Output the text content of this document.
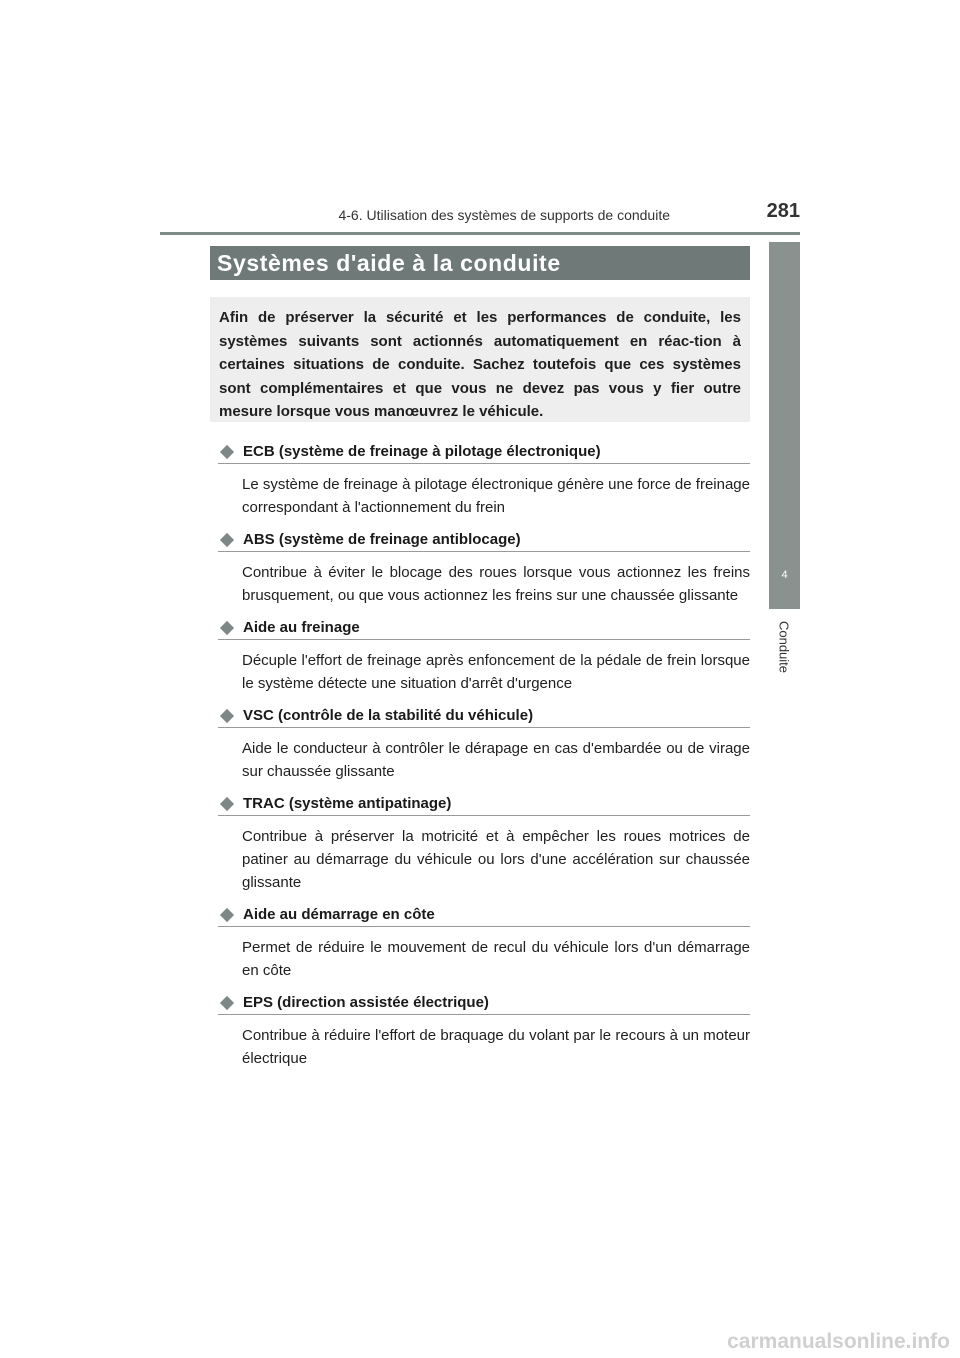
4-6. Utilisation des systèmes de supports de conduite	281
4
Conduite
Systèmes d'aide à la conduite

Afin de préserver la sécurité et les performances de conduite, les systèmes suivants sont actionnés automatiquement en réac-tion à certaines situations de conduite. Sachez toutefois que ces systèmes sont complémentaires et que vous ne devez pas vous y fier outre mesure lorsque vous manœuvrez le véhicule.

ECB (système de freinage à pilotage électronique)

Le système de freinage à pilotage électronique génère une force de freinage correspondant à l'actionnement du frein

ABS (système de freinage antiblocage)

Contribue à éviter le blocage des roues lorsque vous actionnez les freins brusquement, ou que vous actionnez les freins sur une chaussée glissante

Aide au freinage

Décuple l'effort de freinage après enfoncement de la pédale de frein lorsque le système détecte une situation d'arrêt d'urgence

VSC (contrôle de la stabilité du véhicule)

Aide le conducteur à contrôler le dérapage en cas d'embardée ou de virage sur chaussée glissante

TRAC (système antipatinage)

Contribue à préserver la motricité et à empêcher les roues motrices de patiner au démarrage du véhicule ou lors d'une accélération sur chaussée glissante

Aide au démarrage en côte

Permet de réduire le mouvement de recul du véhicule lors d'un démarrage en côte

EPS (direction assistée électrique)

Contribue à réduire l'effort de braquage du volant par le recours à un moteur électrique

carmanualsonline.info
